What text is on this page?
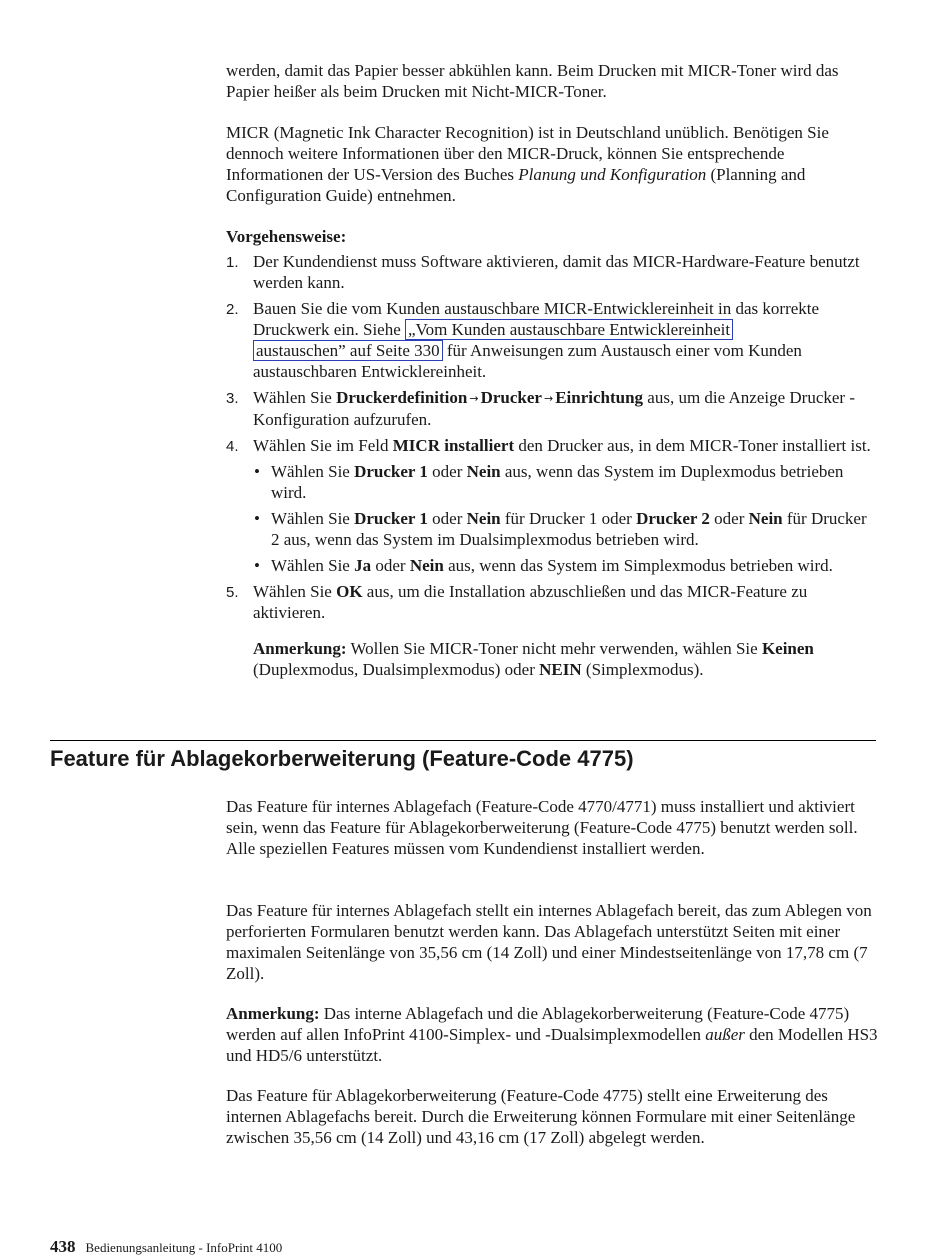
werden, damit das Papier besser abkühlen kann. Beim Drucken mit MICR-Toner wird das Papier heißer als beim Drucken mit Nicht-MICR-Toner.

MICR (Magnetic Ink Character Recognition) ist in Deutschland unüblich. Benötigen Sie dennoch weitere Informationen über den MICR-Druck, können Sie entsprechende Informationen der US-Version des Buches Planung und Konfiguration (Planning and Configuration Guide) entnehmen.

Vorgehensweise:

1. Der Kundendienst muss Software aktivieren, damit das MICR-Hardware-Feature benutzt werden kann.
2. Bauen Sie die vom Kunden austauschbare MICR-Entwicklereinheit in das korrekte Druckwerk ein. Siehe „Vom Kunden austauschbare Entwicklereinheit
austauschen” auf Seite 330 für Anweisungen zum Austausch einer vom Kunden austauschbaren Entwicklereinheit.
3. Wählen Sie Druckerdefinition → Drucker → Einrichtung aus, um die Anzeige Drucker - Konfiguration aufzurufen.
4. Wählen Sie im Feld MICR installiert den Drucker aus, in dem MICR-Toner installiert ist.
• Wählen Sie Drucker 1 oder Nein aus, wenn das System im Duplexmodus betrieben wird.
• Wählen Sie Drucker 1 oder Nein für Drucker 1 oder Drucker 2 oder Nein für Drucker 2 aus, wenn das System im Dualsimplexmodus betrieben wird.
• Wählen Sie Ja oder Nein aus, wenn das System im Simplexmodus betrieben wird.
5. Wählen Sie OK aus, um die Installation abzuschließen und das MICR-Feature zu aktivieren.

Anmerkung: Wollen Sie MICR-Toner nicht mehr verwenden, wählen Sie Keinen (Duplexmodus, Dualsimplexmodus) oder NEIN (Simplexmodus).

Feature für Ablagekorberweiterung (Feature-Code 4775)

Das Feature für internes Ablagefach (Feature-Code 4770/4771) muss installiert und aktiviert sein, wenn das Feature für Ablagekorberweiterung (Feature-Code 4775) benutzt werden soll. Alle speziellen Features müssen vom Kundendienst installiert werden.

Das Feature für internes Ablagefach stellt ein internes Ablagefach bereit, das zum Ablegen von perforierten Formularen benutzt werden kann. Das Ablagefach unterstützt Seiten mit einer maximalen Seitenlänge von 35,56 cm (14 Zoll) und einer Mindestseitenlänge von 17,78 cm (7 Zoll).

Anmerkung: Das interne Ablagefach und die Ablagekorberweiterung (Feature-Code 4775) werden auf allen InfoPrint 4100-Simplex- und -Dualsimplexmodellen außer den Modellen HS3 und HD5/6 unterstützt.

Das Feature für Ablagekorberweiterung (Feature-Code 4775) stellt eine Erweiterung des internen Ablagefachs bereit. Durch die Erweiterung können Formulare mit einer Seitenlänge zwischen 35,56 cm (14 Zoll) und 43,16 cm (17 Zoll) abgelegt werden.

438 Bedienungsanleitung - InfoPrint 4100
